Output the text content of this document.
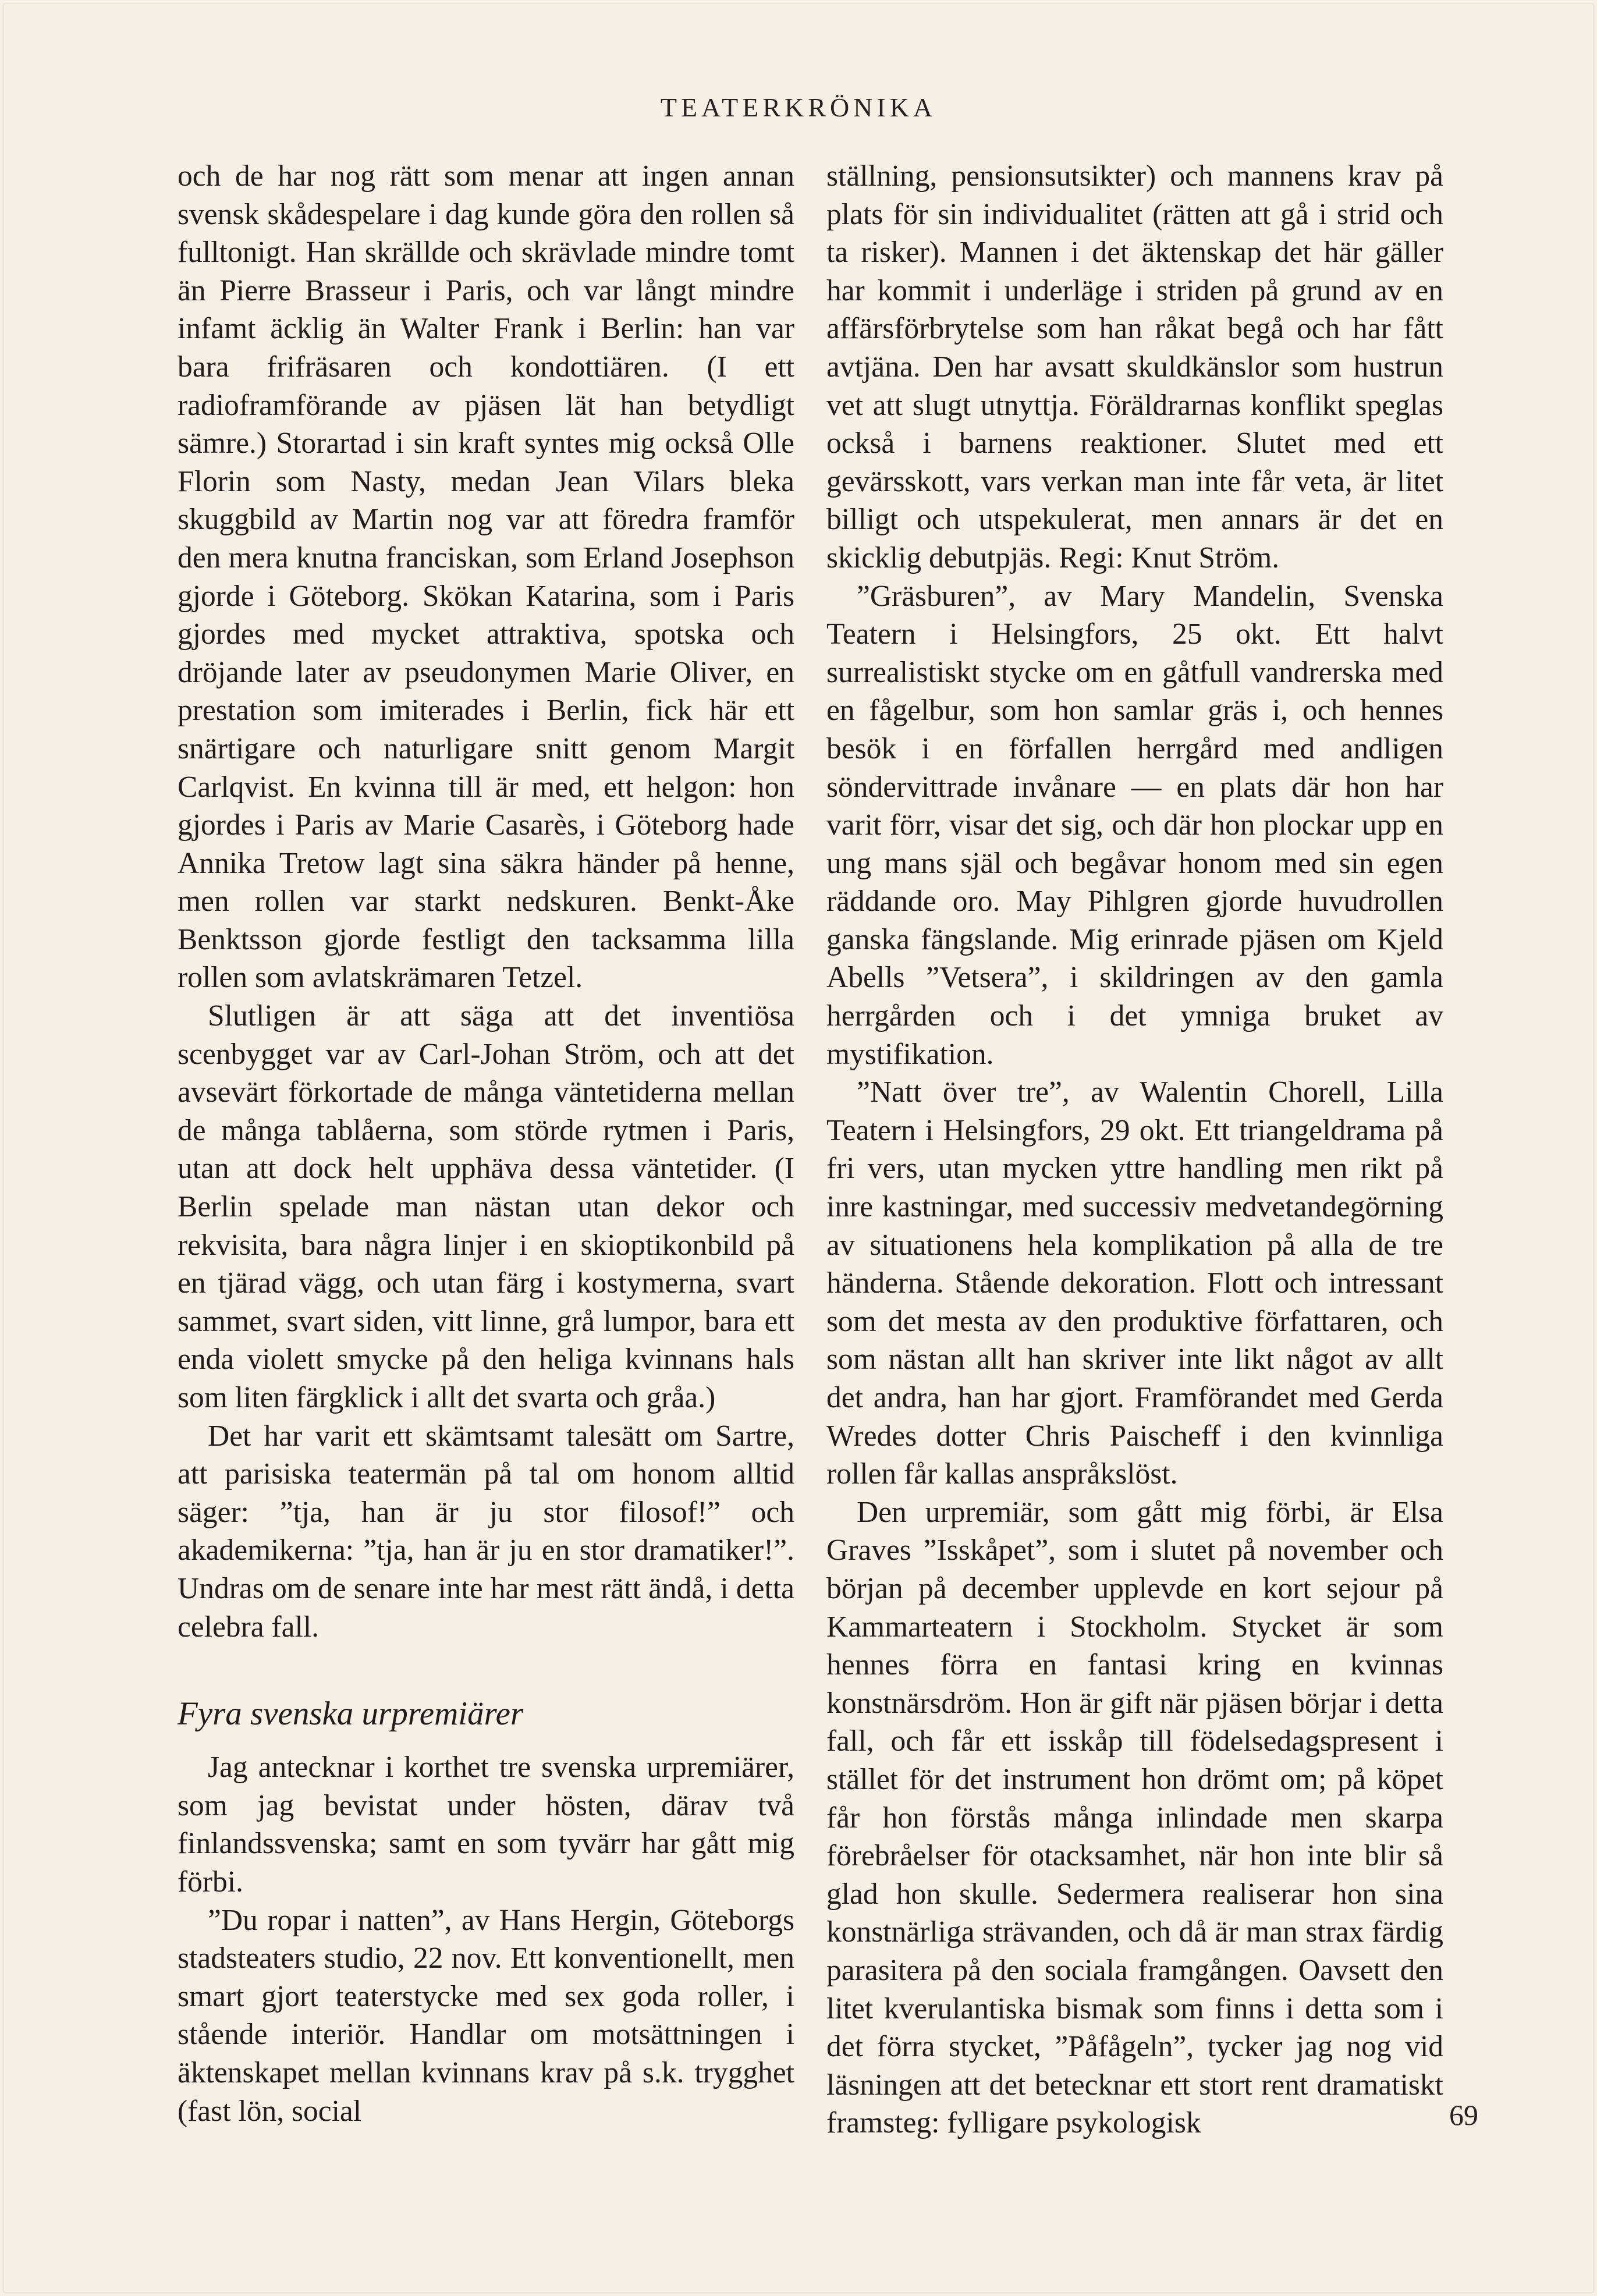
TEATERKRÖNIKA

och de har nog rätt som menar att ingen annan svensk skådespelare i dag kunde göra den rollen så fulltonigt. Han skrällde och skrävlade mindre tomt än Pierre Brasseur i Paris, och var långt mindre infamt äcklig än Walter Frank i Berlin: han var bara frifräsaren och kondottiären. (I ett radioframförande av pjäsen lät han betydligt sämre.) Storartad i sin kraft syntes mig också Olle Florin som Nasty, medan Jean Vilars bleka skuggbild av Martin nog var att föredra framför den mera knutna franciskan, som Erland Josephson gjorde i Göteborg. Skökan Katarina, som i Paris gjordes med mycket attraktiva, spotska och dröjande later av pseudonymen Marie Oliver, en prestation som imiterades i Berlin, fick här ett snärtigare och naturligare snitt genom Margit Carlqvist. En kvinna till är med, ett helgon: hon gjordes i Paris av Marie Casarès, i Göteborg hade Annika Tretow lagt sina säkra händer på henne, men rollen var starkt nedskuren. Benkt-Åke Benktsson gjorde festligt den tacksamma lilla rollen som avlatskrämaren Tetzel.

Slutligen är att säga att det inventiösa scenbygget var av Carl-Johan Ström, och att det avsevärt förkortade de många väntetiderna mellan de många tablåerna, som störde rytmen i Paris, utan att dock helt upphäva dessa väntetider. (I Berlin spelade man nästan utan dekor och rekvisita, bara några linjer i en skioptikonbild på en tjärad vägg, och utan färg i kostymerna, svart sammet, svart siden, vitt linne, grå lumpor, bara ett enda violett smycke på den heliga kvinnans hals som liten färgklick i allt det svarta och gråa.)

Det har varit ett skämtsamt talesätt om Sartre, att parisiska teatermän på tal om honom alltid säger: ”tja, han är ju stor filosof!” och akademikerna: ”tja, han är ju en stor dramatiker!”. Undras om de senare inte har mest rätt ändå, i detta celebra fall.

Fyra svenska urpremiärer

Jag antecknar i korthet tre svenska urpremiärer, som jag bevistat under hösten, därav två finlandssvenska; samt en som tyvärr har gått mig förbi.

”Du ropar i natten”, av Hans Hergin, Göteborgs stadsteaters studio, 22 nov. Ett konventionellt, men smart gjort teaterstycke med sex goda roller, i stående interiör. Handlar om motsättningen i äktenskapet mellan kvinnans krav på s.k. trygghet (fast lön, social

ställning, pensionsutsikter) och mannens krav på plats för sin individualitet (rätten att gå i strid och ta risker). Mannen i det äktenskap det här gäller har kommit i underläge i striden på grund av en affärsförbrytelse som han råkat begå och har fått avtjäna. Den har avsatt skuldkänslor som hustrun vet att slugt utnyttja. Föräldrarnas konflikt speglas också i barnens reaktioner. Slutet med ett gevärsskott, vars verkan man inte får veta, är litet billigt och utspekulerat, men annars är det en skicklig debutpjäs. Regi: Knut Ström.

”Gräsburen”, av Mary Mandelin, Svenska Teatern i Helsingfors, 25 okt. Ett halvt surrealistiskt stycke om en gåtfull vandrerska med en fågelbur, som hon samlar gräs i, och hennes besök i en förfallen herrgård med andligen söndervittrade invånare — en plats där hon har varit förr, visar det sig, och där hon plockar upp en ung mans själ och begåvar honom med sin egen räddande oro. May Pihlgren gjorde huvudrollen ganska fängslande. Mig erinrade pjäsen om Kjeld Abells ”Vetsera”, i skildringen av den gamla herrgården och i det ymniga bruket av mystifikation.

”Natt över tre”, av Walentin Chorell, Lilla Teatern i Helsingfors, 29 okt. Ett triangeldrama på fri vers, utan mycken yttre handling men rikt på inre kastningar, med successiv medvetandegörning av situationens hela komplikation på alla de tre händerna. Stående dekoration. Flott och intressant som det mesta av den produktive författaren, och som nästan allt han skriver inte likt något av allt det andra, han har gjort. Framförandet med Gerda Wredes dotter Chris Paischeff i den kvinnliga rollen får kallas anspråkslöst.

Den urpremiär, som gått mig förbi, är Elsa Graves ”Isskåpet”, som i slutet på november och början på december upplevde en kort sejour på Kammarteatern i Stockholm. Stycket är som hennes förra en fantasi kring en kvinnas konstnärsdröm. Hon är gift när pjäsen börjar i detta fall, och får ett isskåp till födelsedagspresent i stället för det instrument hon drömt om; på köpet får hon förstås många inlindade men skarpa förebråelser för otacksamhet, när hon inte blir så glad hon skulle. Sedermera realiserar hon sina konstnärliga strävanden, och då är man strax färdig parasitera på den sociala framgången. Oavsett den litet kverulantiska bismak som finns i detta som i det förra stycket, ”Påfågeln”, tycker jag nog vid läsningen att det betecknar ett stort rent dramatiskt framsteg: fylligare psykologisk	69
